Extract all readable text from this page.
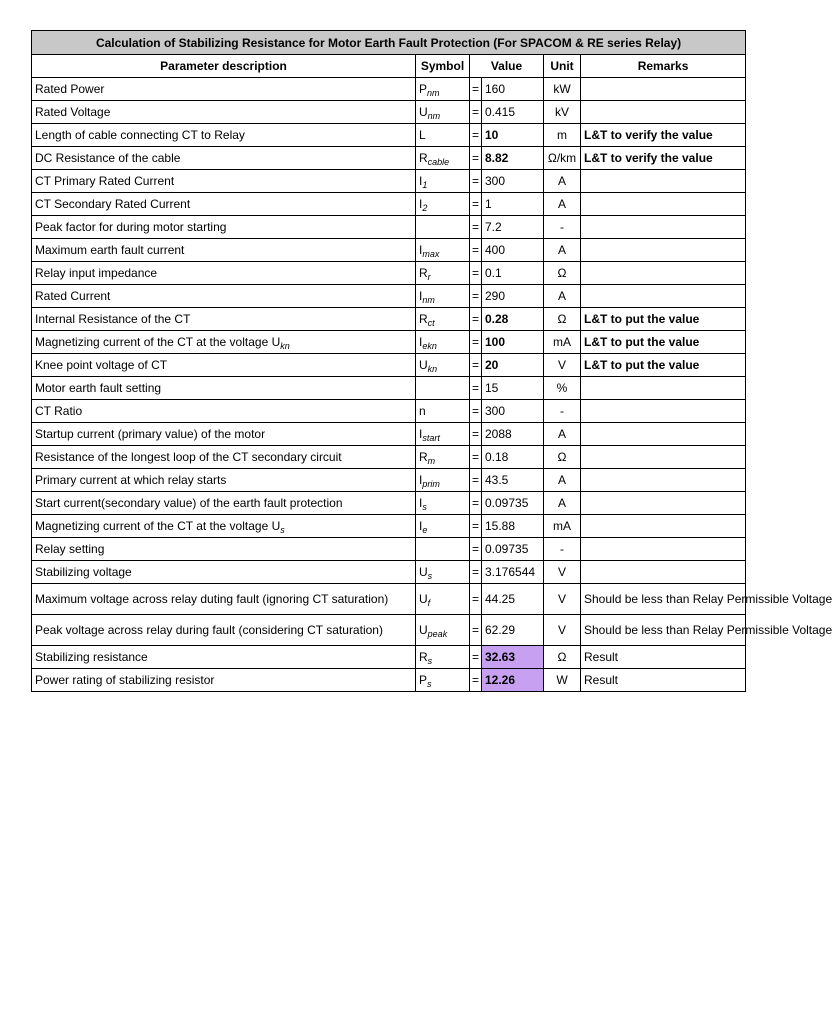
Calculation of Stabilizing Resistance for Motor Earth Fault Protection (For SPACOM & RE series Relay)					
Parameter description	Symbol	Value		Unit	Remarks
Rated Power	$P_{nm}$	=	160	kW	
Rated Voltage	$U_{nm}$	=	0.415	kV	
Length of cable connecting CT to Relay	L	=	10	m	L&T to verify the value
DC Resistance of the cable	$R_{cable}$	=	8.82	Ω/km	L&T to verify the value
CT Primary Rated Current	$I_1$	=	300	A	
CT Secondary Rated Current	$I_2$	=	1	A	
Peak factor for during motor starting		=	7.2	-	
Maximum earth fault current	$I_{max}$	=	400	A	
Relay input impedance	$R_r$	=	0.1	Ω	
Rated Current	$I_{nm}$	=	290	A	
Internal Resistance of the CT	$R_{ct}$	=	0.28	Ω	L&T to put the value
Magnetizing current of the CT at the voltage $U_{kn}$	$I_{ekn}$	=	100	mA	L&T to put the value
Knee point voltage of CT	$U_{kn}$	=	20	V	L&T to put the value
Motor earth fault setting		=	15	%	
CT Ratio	n	=	300	-	
Startup current (primary value) of the motor	$I_{start}$	=	2088	A	
Resistance of the longest loop of the CT secondary circuit	$R_m$	=	0.18	Ω	
Primary current at which relay starts	$I_{prim}$	=	43.5	A	
Start current(secondary value) of the earth fault protection	$I_s$	=	0.09735	A	
Magnetizing current of the CT at the voltage $U_s$	$I_e$	=	15.88	mA	
Relay setting		=	0.09735	-	
Stabilizing voltage	$U_s$	=	3.176544	V	
Maximum voltage across relay duting fault (ignoring CT saturation)	$U_f$	=	44.25	V	Should be less than Relay Permissible Voltage
Peak voltage across relay during fault (considering CT saturation)	$U_{peak}$	=	62.29	V	Should be less than Relay Permissible Voltage
Stabilizing resistance	$R_s$	=	32.63	Ω	Result
Power rating of stabilizing resistor	$P_s$	=	12.26	W	Result
